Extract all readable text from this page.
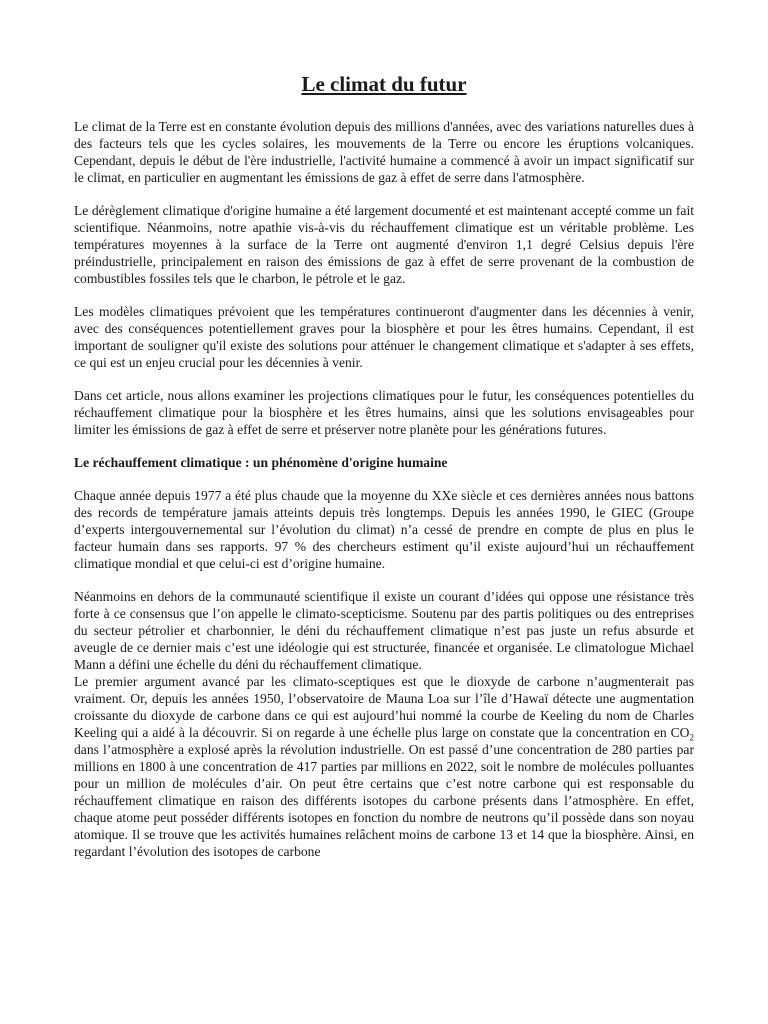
Le climat du futur

Le climat de la Terre est en constante évolution depuis des millions d'années, avec des variations naturelles dues à des facteurs tels que les cycles solaires, les mouvements de la Terre ou encore les éruptions volcaniques. Cependant, depuis le début de l'ère industrielle, l'activité humaine a commencé à avoir un impact significatif sur le climat, en particulier en augmentant les émissions de gaz à effet de serre dans l'atmosphère.

Le dérèglement climatique d'origine humaine a été largement documenté et est maintenant accepté comme un fait scientifique. Néanmoins, notre apathie vis-à-vis du réchauffement climatique est un véritable problème. Les températures moyennes à la surface de la Terre ont augmenté d'environ 1,1 degré Celsius depuis l'ère préindustrielle, principalement en raison des émissions de gaz à effet de serre provenant de la combustion de combustibles fossiles tels que le charbon, le pétrole et le gaz.

Les modèles climatiques prévoient que les températures continueront d'augmenter dans les décennies à venir, avec des conséquences potentiellement graves pour la biosphère et pour les êtres humains. Cependant, il est important de souligner qu'il existe des solutions pour atténuer le changement climatique et s'adapter à ses effets, ce qui est un enjeu crucial pour les décennies à venir.

Dans cet article, nous allons examiner les projections climatiques pour le futur, les conséquences potentielles du réchauffement climatique pour la biosphère et les êtres humains, ainsi que les solutions envisageables pour limiter les émissions de gaz à effet de serre et préserver notre planète pour les générations futures.

Le réchauffement climatique : un phénomène d'origine humaine

Chaque année depuis 1977 a été plus chaude que la moyenne du XXe siècle et ces dernières années nous battons des records de température jamais atteints depuis très longtemps. Depuis les années 1990, le GIEC (Groupe d’experts intergouvernemental sur l’évolution du climat) n’a cessé de prendre en compte de plus en plus le facteur humain dans ses rapports. 97 % des chercheurs estiment qu’il existe aujourd’hui un réchauffement climatique mondial et que celui-ci est d’origine humaine.

Néanmoins en dehors de la communauté scientifique il existe un courant d’idées qui oppose une résistance très forte à ce consensus que l’on appelle le climato-scepticisme. Soutenu par des partis politiques ou des entreprises du secteur pétrolier et charbonnier, le déni du réchauffement climatique n’est pas juste un refus absurde et aveugle de ce dernier mais c’est une idéologie qui est structurée, financée et organisée. Le climatologue Michael Mann a défini une échelle du déni du réchauffement climatique.

Le premier argument avancé par les climato-sceptiques est que le dioxyde de carbone n’augmenterait pas vraiment. Or, depuis les années 1950, l’observatoire de Mauna Loa sur l’île d’Hawaï détecte une augmentation croissante du dioxyde de carbone dans ce qui est aujourd’hui nommé la courbe de Keeling du nom de Charles Keeling qui a aidé à la découvrir. Si on regarde à une échelle plus large on constate que la concentration en $CO_2$ dans l’atmosphère a explosé après la révolution industrielle. On est passé d’une concentration de 280 parties par millions en 1800 à une concentration de 417 parties par millions en 2022, soit le nombre de molécules polluantes pour un million de molécules d’air. On peut être certains que c’est notre carbone qui est responsable du réchauffement climatique en raison des différents isotopes du carbone présents dans l’atmosphère. En effet, chaque atome peut posséder différents isotopes en fonction du nombre de neutrons qu’il possède dans son noyau atomique. Il se trouve que les activités humaines relâchent moins de carbone 13 et 14 que la biosphère. Ainsi, en regardant l’évolution des isotopes de carbone
